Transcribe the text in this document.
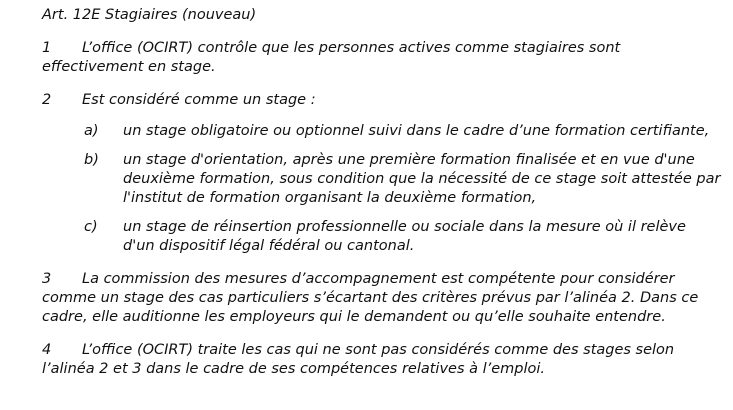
Art. 12E Stagiaires (nouveau)
1 L’office (OCIRT) contrôle que les personnes actives comme stagiaires sont effectivement en stage.
2 Est considéré comme un stage :
a) un stage obligatoire ou optionnel suivi dans le cadre d’une formation certifiante,
b) un stage d'orientation, après une première formation finalisée et en vue d'une deuxième formation, sous condition que la nécessité de ce stage soit attestée par l'institut de formation organisant la deuxième formation,
c) un stage de réinsertion professionnelle ou sociale dans la mesure où il relève d'un dispositif légal fédéral ou cantonal.
3 La commission des mesures d’accompagnement est compétente pour considérer comme un stage des cas particuliers s’écartant des critères prévus par l’alinéa 2. Dans ce cadre, elle auditionne les employeurs qui le demandent ou qu’elle souhaite entendre.
4 L’office (OCIRT) traite les cas qui ne sont pas considérés comme des stages selon l’alinéa 2 et 3 dans le cadre de ses compétences relatives à l’emploi.
